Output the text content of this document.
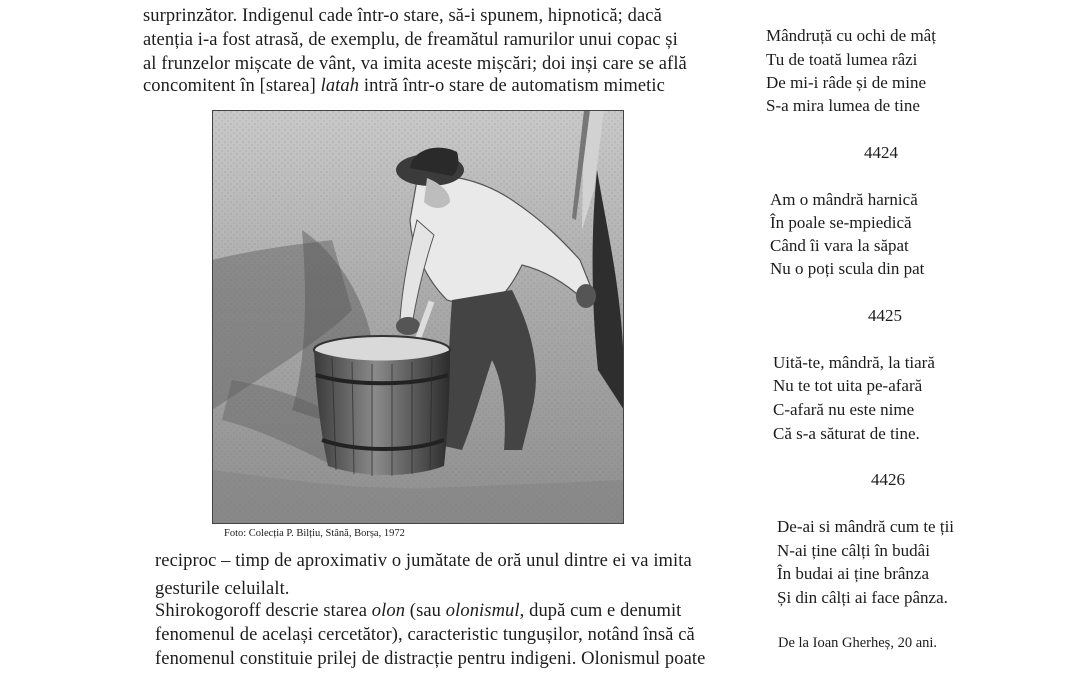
surprinzător. Indigenul cade într-o stare, să-i spunem, hipnotică; dacă
atenția i-a fost atrasă, de exemplu, de freamătul ramurilor unui copac și
al frunzelor mișcate de vânt, va imita aceste mișcări; doi inși care se află
concomitent în [starea] latah intră într-o stare de automatism mimetic
Foto: Colecția P. Bilțiu, Stână, Borșa, 1972
reciproc – timp de aproximativ o jumătate de oră unul dintre ei va imita
gesturile celuilalt.
Shirokogoroff descrie starea olon (sau olonismul, după cum e denumit
fenomenul de același cercetător), caracteristic tungușilor, notând însă că
fenomenul constituie prilej de distracție pentru indigeni. Olonismul poate
Mândruță cu ochi de mâț
Tu de toată lumea râzi
De mi-i râde și de mine
S-a mira lumea de tine
4424
Am o mândră harnică
În poale se-mpiedică
Când îi vara la săpat
Nu o poți scula din pat
4425
Uită-te, mândră, la tiară
Nu te tot uita pe-afară
C-afară nu este nime
Că s-a săturat de tine.
4426
De-ai si mândră cum te ții
N-ai ține câlți în budâi
În budai ai ține brânza
Și din câlți ai face pânza.
De la Ioan Gherheș, 20 ani.
